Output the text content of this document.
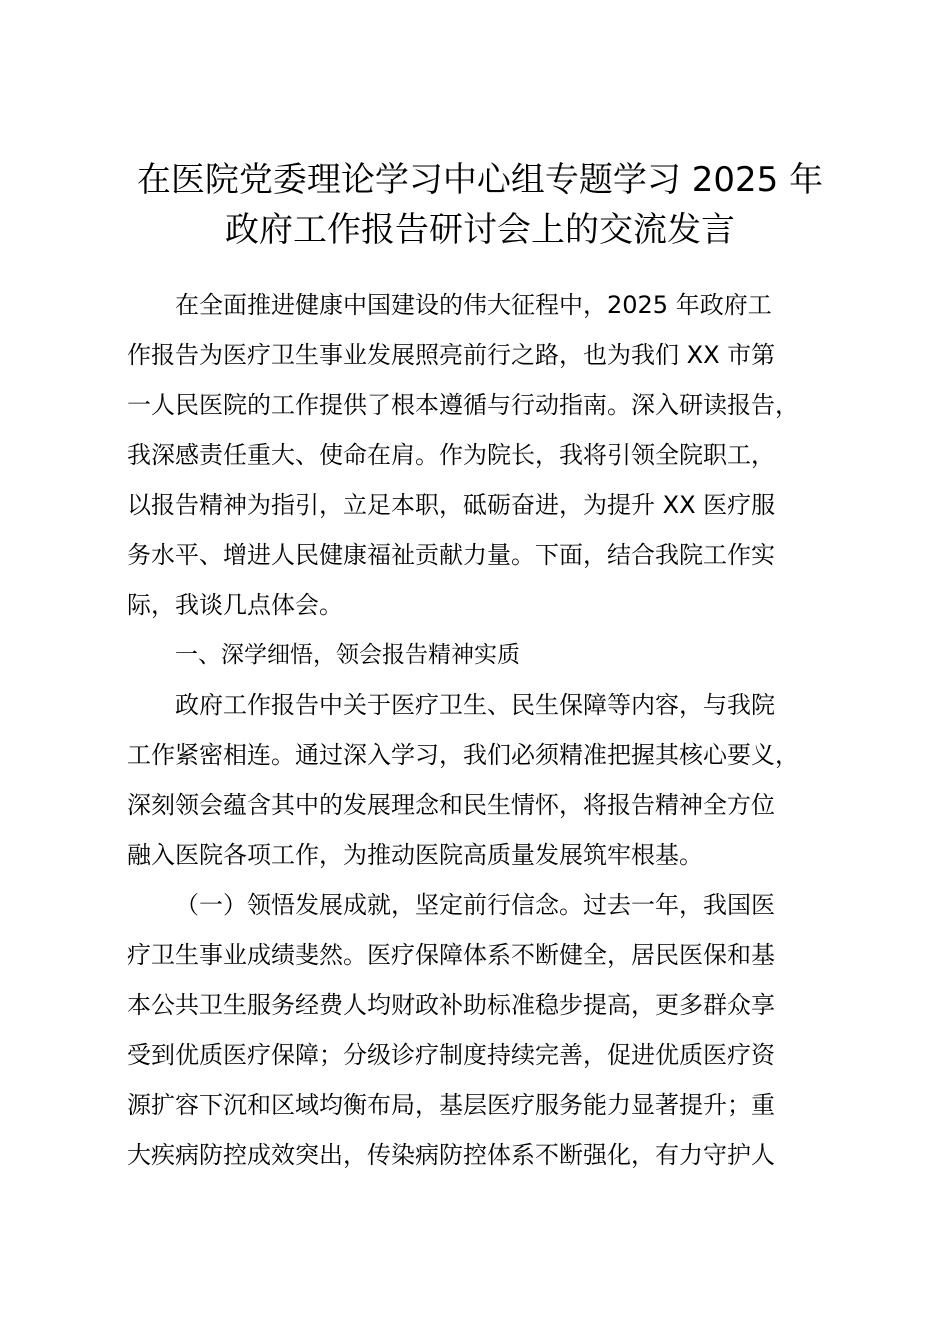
在医院党委理论学习中心组专题学习 2025 年
政府工作报告研讨会上的交流发言
在全面推进健康中国建设的伟大征程中，2025 年政府工
作报告为医疗卫生事业发展照亮前行之路，也为我们 XX 市第
一人民医院的工作提供了根本遵循与行动指南。深入研读报告，
我深感责任重大、使命在肩。作为院长，我将引领全院职工，
以报告精神为指引，立足本职，砥砺奋进，为提升 XX 医疗服
务水平、增进人民健康福祉贡献力量。下面，结合我院工作实
际，我谈几点体会。
一、深学细悟，领会报告精神实质
政府工作报告中关于医疗卫生、民生保障等内容，与我院
工作紧密相连。通过深入学习，我们必须精准把握其核心要义，
深刻领会蕴含其中的发展理念和民生情怀，将报告精神全方位
融入医院各项工作，为推动医院高质量发展筑牢根基。
（一）领悟发展成就，坚定前行信念。过去一年，我国医
疗卫生事业成绩斐然。医疗保障体系不断健全，居民医保和基
本公共卫生服务经费人均财政补助标准稳步提高，更多群众享
受到优质医疗保障；分级诊疗制度持续完善，促进优质医疗资
源扩容下沉和区域均衡布局，基层医疗服务能力显著提升；重
大疾病防控成效突出，传染病防控体系不断强化，有力守护人
